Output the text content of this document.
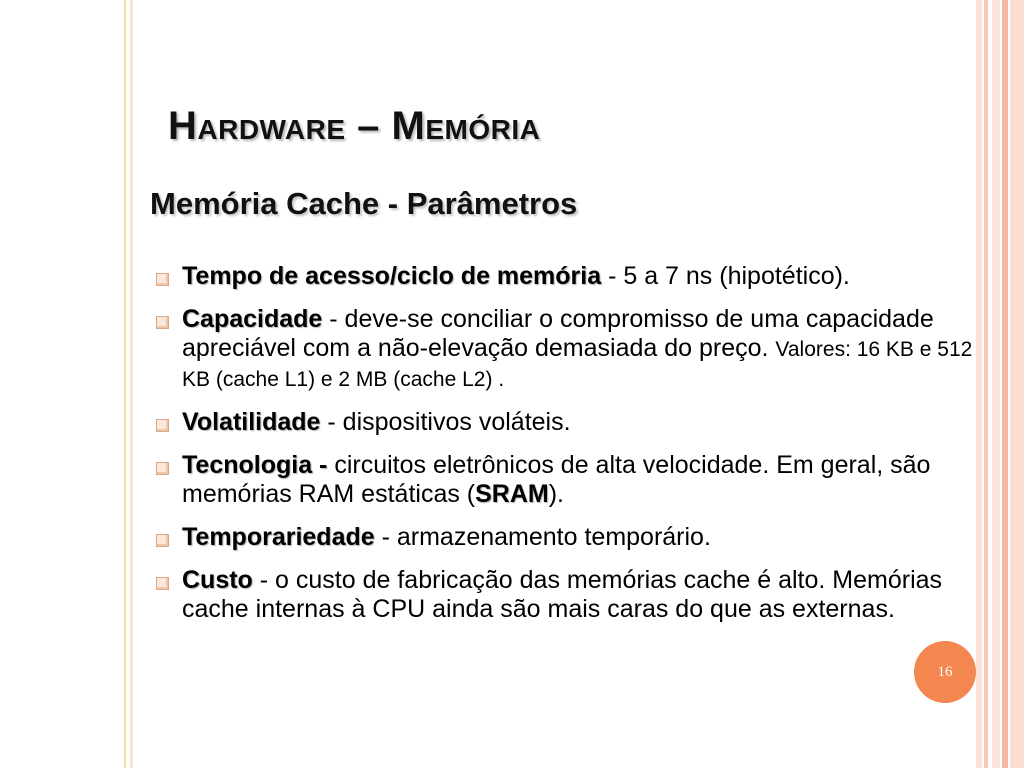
Hardware – Memória
Memória Cache - Parâmetros
Tempo de acesso/ciclo de memória - 5 a 7 ns (hipotético).
Capacidade - deve-se conciliar o compromisso de uma capacidade apreciável com a não-elevação demasiada do preço. Valores: 16 KB e 512 KB (cache L1) e 2 MB (cache L2) .
Volatilidade - dispositivos voláteis.
Tecnologia - circuitos eletrônicos de alta velocidade. Em geral, são memórias RAM estáticas (SRAM).
Temporariedade - armazenamento temporário.
Custo - o custo de fabricação das memórias cache é alto. Memórias cache internas à CPU ainda são mais caras do que as externas.
16
